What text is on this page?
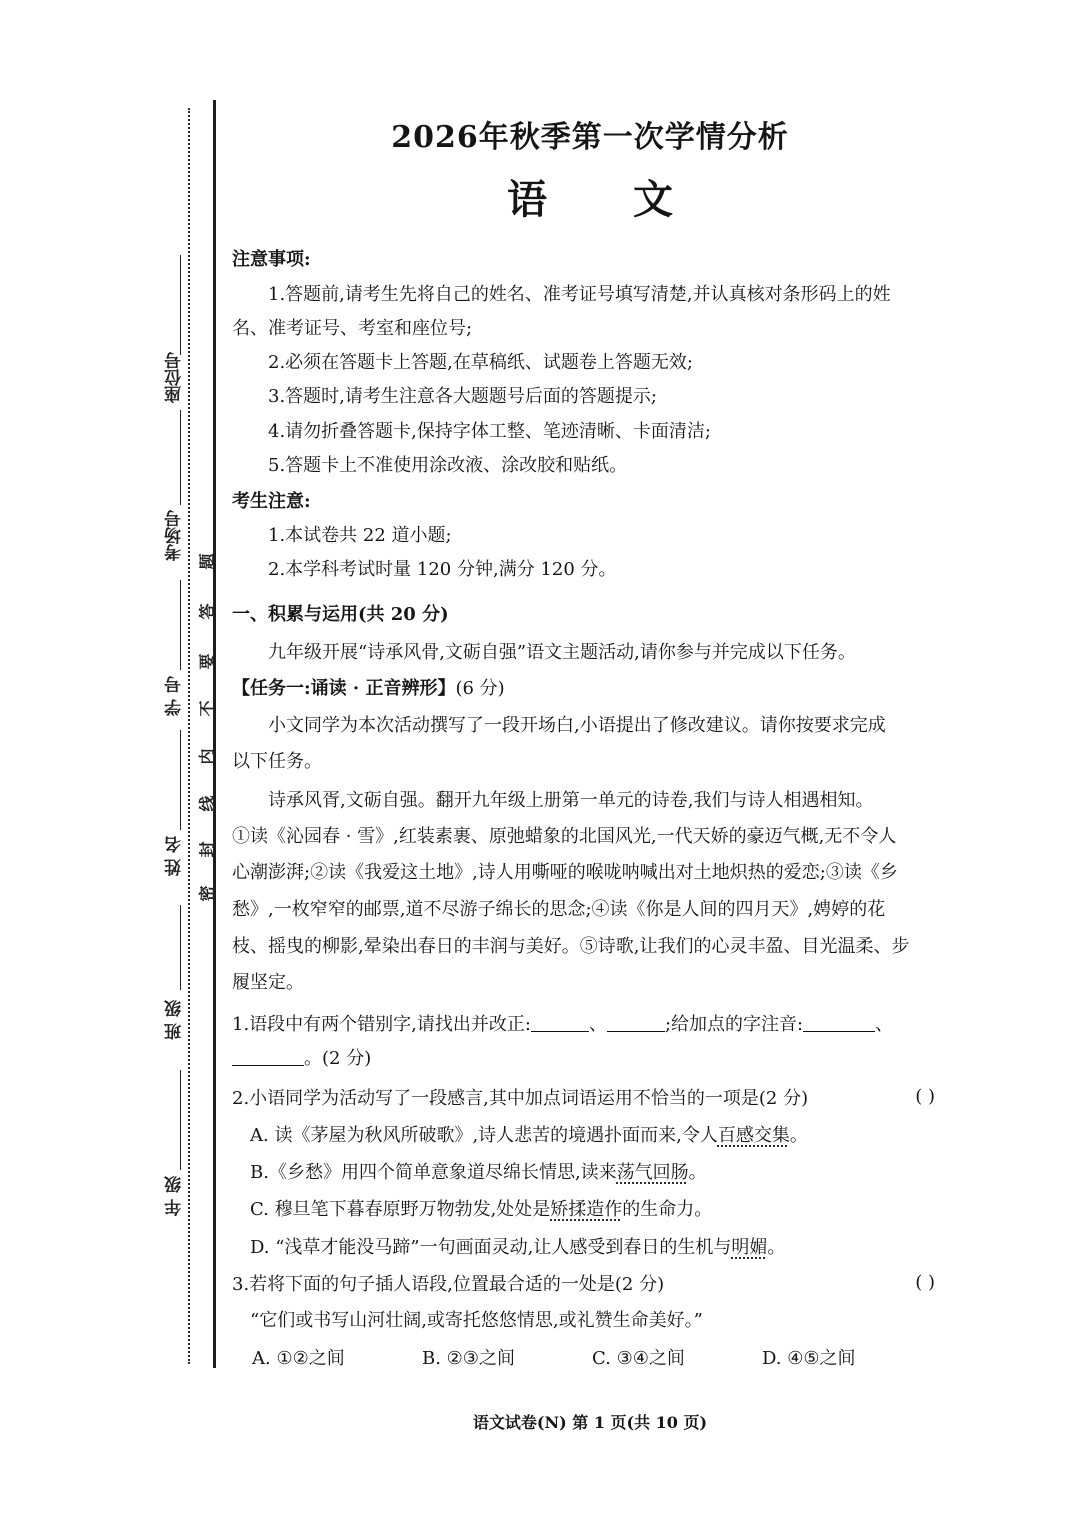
座位号
考场号
学 号
姓 名
班 级
年 级
密
封
线
内
不
要
答
题
2026年秋季第一次学情分析
语 文
注意事项:
1.答题前,请考生先将自己的姓名、准考证号填写清楚,并认真核对条形码上的姓
名、准考证号、考室和座位号;
2.必须在答题卡上答题,在草稿纸、试题卷上答题无效;
3.答题时,请考生注意各大题题号后面的答题提示;
4.请勿折叠答题卡,保持字体工整、笔迹清晰、卡面清洁;
5.答题卡上不准使用涂改液、涂改胶和贴纸。
考生注意:
1.本试卷共 22 道小题;
2.本学科考试时量 120 分钟,满分 120 分。
一、积累与运用(共 20 分)
九年级开展“诗承风骨,文砺自强”语文主题活动,请你参与并完成以下任务。
【任务一:诵读 · 正音辨形】(6 分)
小文同学为本次活动撰写了一段开场白,小语提出了修改建议。请你按要求完成
以下任务。
诗承风胥,文砺自强。翻开九年级上册第一单元的诗卷,我们与诗人相遇相知。
①读《沁园春 · 雪》,红装素裹、原弛蜡象的北国风光,一代天娇的豪迈气概,无不令人
心潮澎湃;②读《我爱这土地》,诗人用嘶哑的喉咙呐喊出对土地炽热的爱恋;③读《乡
愁》,一枚窄窄的邮票,道不尽游子绵长的思念;④读《你是人间的四月天》,娉婷的花
枝、摇曳的柳影,晕染出春日的丰润与美好。⑤诗歌,让我们的心灵丰盈、目光温柔、步
履坚定。
1.语段中有两个错别字,请找出并改正:	、	;给加点的字注音:	、
。(2 分)
2.小语同学为活动写了一段感言,其中加点词语运用不恰当的一项是(2 分)	( )
A. 读《茅屋为秋风所破歌》,诗人悲苦的境遇扑面而来,令人百感交集。
B.《乡愁》用四个简单意象道尽绵长情思,读来荡气回肠。
C. 穆旦笔下暮春原野万物勃发,处处是矫揉造作的生命力。
D. “浅草才能没马蹄”一句画面灵动,让人感受到春日的生机与明媚。
3.若将下面的句子插人语段,位置最合适的一处是(2 分)	( )
“它们或书写山河壮阔,或寄托悠悠情思,或礼赞生命美好。”
A. ①②之间	B. ②③之间	C. ③④之间	D. ④⑤之间
语文试卷(N) 第 1 页(共 10 页)
